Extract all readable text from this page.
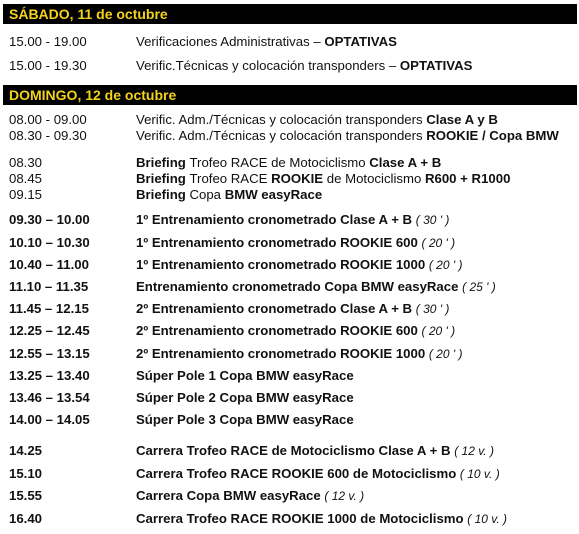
SÁBADO, 11 de octubre
DOMINGO, 12 de octubre
15.00 - 19.00	Verificaciones Administrativas – OPTATIVAS
15.00 - 19.30	Verific.Técnicas y colocación transponders – OPTATIVAS
08.00 - 09.00	Verific. Adm./Técnicas y colocación transponders Clase A y B
08.30 - 09.30	Verific. Adm./Técnicas y colocación transponders ROOKIE / Copa BMW
08.30	Briefing Trofeo RACE de Motociclismo Clase A + B
08.45	Briefing Trofeo RACE ROOKIE de Motociclismo R600 + R1000
09.15	Briefing Copa BMW easyRace
09.30 – 10.00	1º Entrenamiento cronometrado Clase A + B ( 30 ' )
10.10 – 10.30	1º Entrenamiento cronometrado ROOKIE 600 ( 20 ' )
10.40 – 11.00	1º Entrenamiento cronometrado ROOKIE 1000 ( 20 ' )
11.10 – 11.35	Entrenamiento cronometrado Copa BMW easyRace ( 25 ' )
11.45 – 12.15	2º Entrenamiento cronometrado Clase A + B ( 30 ' )
12.25 – 12.45	2º Entrenamiento cronometrado ROOKIE 600 ( 20 ' )
12.55 – 13.15	2º Entrenamiento cronometrado ROOKIE 1000 ( 20 ' )
13.25 – 13.40	Súper Pole 1 Copa BMW easyRace
13.46 – 13.54	Súper Pole 2 Copa BMW easyRace
14.00 – 14.05	Súper Pole 3 Copa BMW easyRace
14.25	Carrera Trofeo RACE de Motociclismo Clase A + B ( 12 v. )
15.10	Carrera Trofeo RACE ROOKIE 600 de Motociclismo ( 10 v. )
15.55	Carrera Copa BMW easyRace ( 12 v. )
16.40	Carrera Trofeo RACE ROOKIE 1000 de Motociclismo ( 10 v. )
